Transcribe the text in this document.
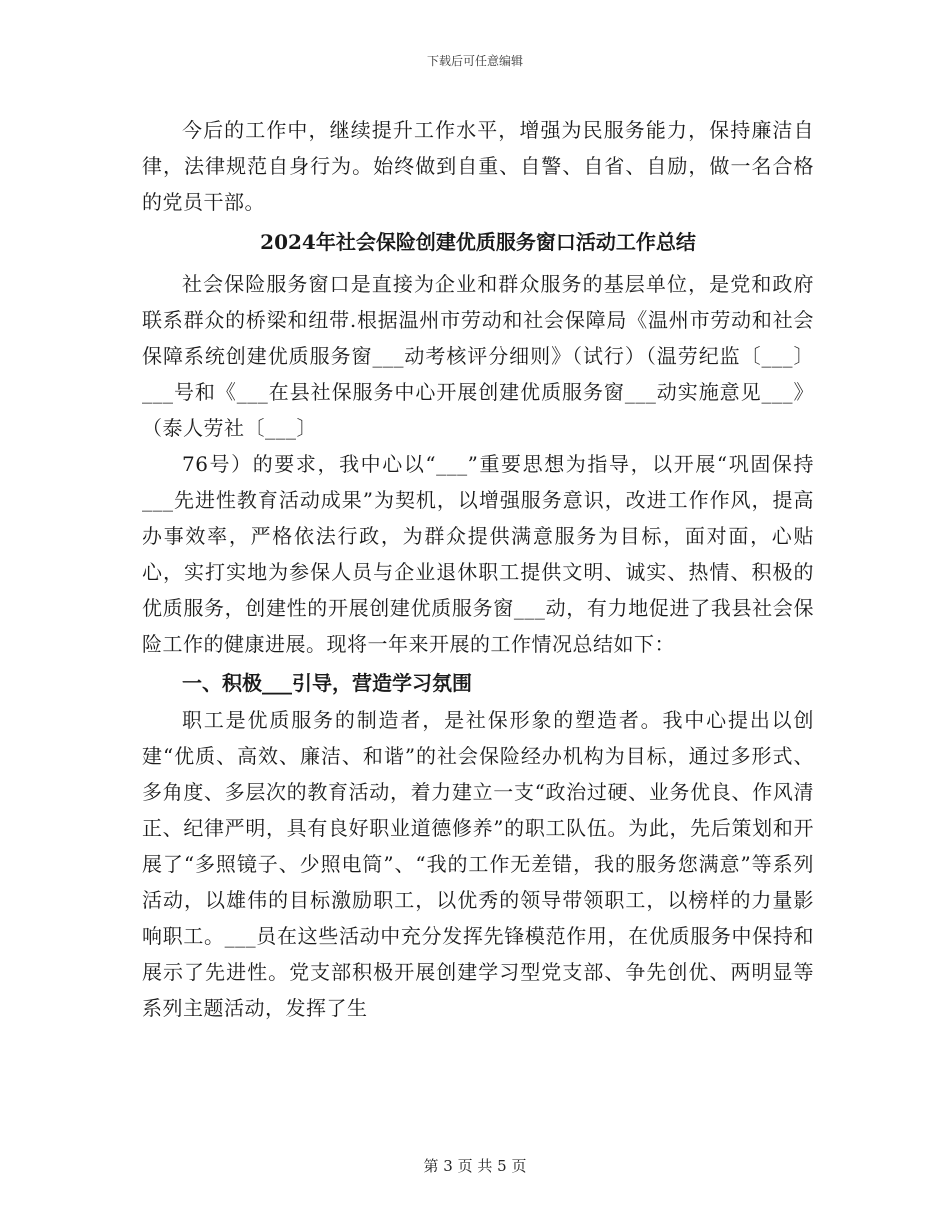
下载后可任意编辑

今后的工作中，继续提升工作水平，增强为民服务能力，保持廉洁自律，法律规范自身行为。始终做到自重、自警、自省、自励，做一名合格的党员干部。

2024年社会保险创建优质服务窗口活动工作总结

社会保险服务窗口是直接为企业和群众服务的基层单位，是党和政府联系群众的桥梁和纽带.根据温州市劳动和社会保障局《温州市劳动和社会保障系统创建优质服务窗___动考核评分细则》（试行）（温劳纪监〔___〕___号和《___在县社保服务中心开展创建优质服务窗___动实施意见___》（泰人劳社〔___〕

76号）的要求，我中心以“___”重要思想为指导，以开展“巩固保持___先进性教育活动成果”为契机，以增强服务意识，改进工作作风，提高办事效率，严格依法行政，为群众提供满意服务为目标，面对面，心贴心，实打实地为参保人员与企业退休职工提供文明、诚实、热情、积极的优质服务，创建性的开展创建优质服务窗___动，有力地促进了我县社会保险工作的健康进展。现将一年来开展的工作情况总结如下：

一、积极___引导，营造学习氛围

职工是优质服务的制造者，是社保形象的塑造者。我中心提出以创建“优质、高效、廉洁、和谐”的社会保险经办机构为目标，通过多形式、多角度、多层次的教育活动，着力建立一支“政治过硬、业务优良、作风清正、纪律严明，具有良好职业道德修养”的职工队伍。为此，先后策划和开展了“多照镜子、少照电筒”、“我的工作无差错，我的服务您满意”等系列活动，以雄伟的目标激励职工，以优秀的领导带领职工，以榜样的力量影响职工。___员在这些活动中充分发挥先锋模范作用，在优质服务中保持和展示了先进性。党支部积极开展创建学习型党支部、争先创优、两明显等系列主题活动，发挥了生

第 3 页 共 5 页
